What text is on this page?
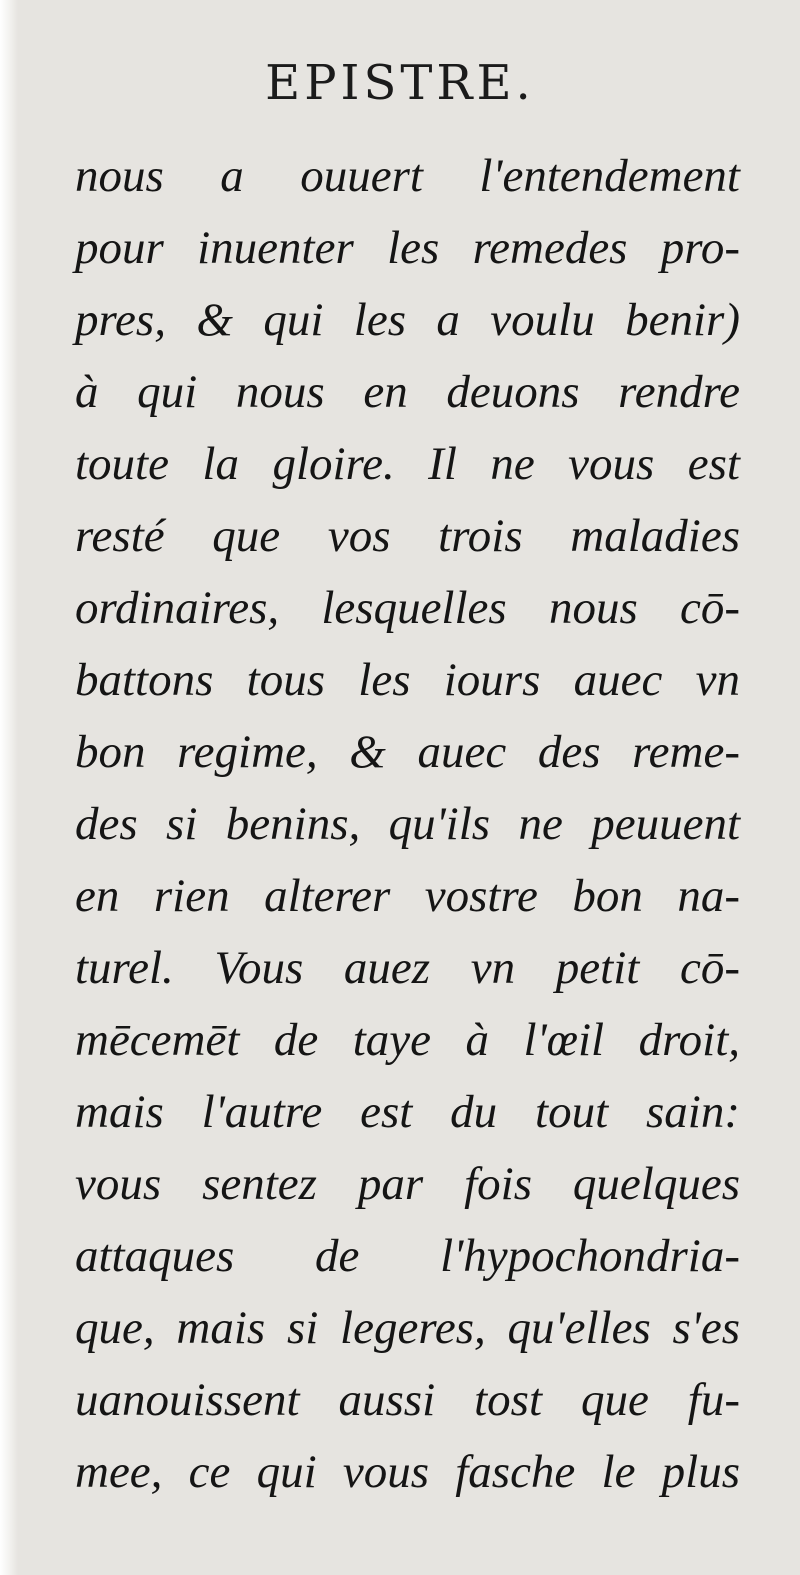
EPISTRE.
nous a ouuert l'entendement
pour inuenter les remedes pro-
pres, & qui les a voulu benir)
à qui nous en deuons rendre
toute la gloire. Il ne vous est
resté que vos trois maladies
ordinaires, lesquelles nous cō-
battons tous les iours auec vn
bon regime, & auec des reme-
des si benins, qu'ils ne peuuent
en rien alterer vostre bon na-
turel. Vous auez vn petit cō-
mēcemēt de taye à l'œil droit,
mais l'autre est du tout sain:
vous sentez par fois quelques
attaques de l'hypochondria-
que, mais si legeres, qu'elles s'es
uanouissent aussi tost que fu-
mee, ce qui vous fasche le plus
